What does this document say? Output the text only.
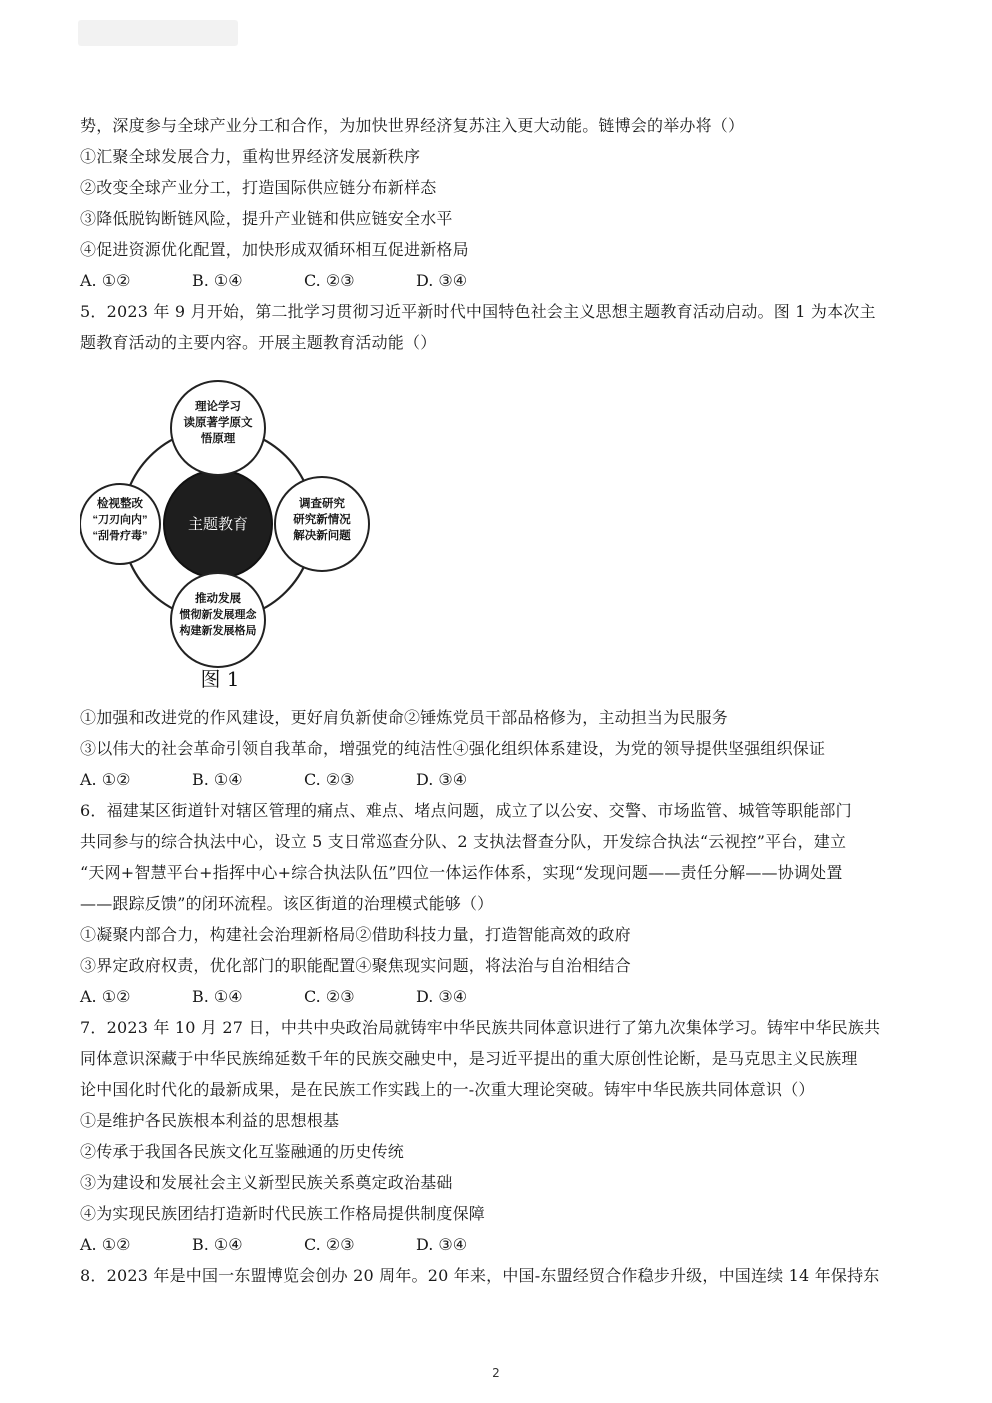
势，深度参与全球产业分工和合作，为加快世界经济复苏注入更大动能。链博会的举办将（）
①汇聚全球发展合力，重构世界经济发展新秩序
②改变全球产业分工，打造国际供应链分布新样态
③降低脱钩断链风险，提升产业链和供应链安全水平
④促进资源优化配置，加快形成双循环相互促进新格局
A. ①②	B. ①④	C. ②③	D. ③④
5．2023 年 9 月开始，第二批学习贯彻习近平新时代中国特色社会主义思想主题教育活动启动。图 1 为本次主
题教育活动的主要内容。开展主题教育活动能（）
主题教育
理论学习
读原著学原文
悟原理
调查研究
研究新情况
解决新问题
推动发展
惯彻新发展理念
构建新发展格局
检视整改
“刀刃向内”
“刮骨疗毒”
图 1
①加强和改进党的作风建设，更好肩负新使命②锤炼党员干部品格修为，主动担当为民服务
③以伟大的社会革命引领自我革命，增强党的纯洁性④强化组织体系建设，为党的领导提供坚强组织保证
A. ①②	B. ①④	C. ②③	D. ③④
6．福建某区街道针对辖区管理的痛点、难点、堵点问题，成立了以公安、交警、市场监管、城管等职能部门
共同参与的综合执法中心，设立 5 支日常巡查分队、2 支执法督查分队，开发综合执法“云视控”平台，建立
“天网+智慧平台+指挥中心+综合执法队伍”四位一体运作体系，实现“发现问题——责任分解——协调处置
——跟踪反馈”的闭环流程。该区街道的治理模式能够（）
①凝聚内部合力，构建社会治理新格局②借助科技力量，打造智能高效的政府
③界定政府权责，优化部门的职能配置④聚焦现实问题，将法治与自治相结合
A. ①②	B. ①④	C. ②③	D. ③④
7．2023 年 10 月 27 日，中共中央政治局就铸牢中华民族共同体意识进行了第九次集体学习。铸牢中华民族共
同体意识深藏于中华民族绵延数千年的民族交融史中，是习近平提出的重大原创性论断，是马克思主义民族理
论中国化时代化的最新成果，是在民族工作实践上的一-次重大理论突破。铸牢中华民族共同体意识（）
①是维护各民族根本利益的思想根基
②传承于我国各民族文化互鉴融通的历史传统
③为建设和发展社会主义新型民族关系奠定政治基础
④为实现民族团结打造新时代民族工作格局提供制度保障
A. ①②	B. ①④	C. ②③	D. ③④
8．2023 年是中国一东盟博览会创办 20 周年。20 年来，中国-东盟经贸合作稳步升级，中国连续 14 年保持东
2
